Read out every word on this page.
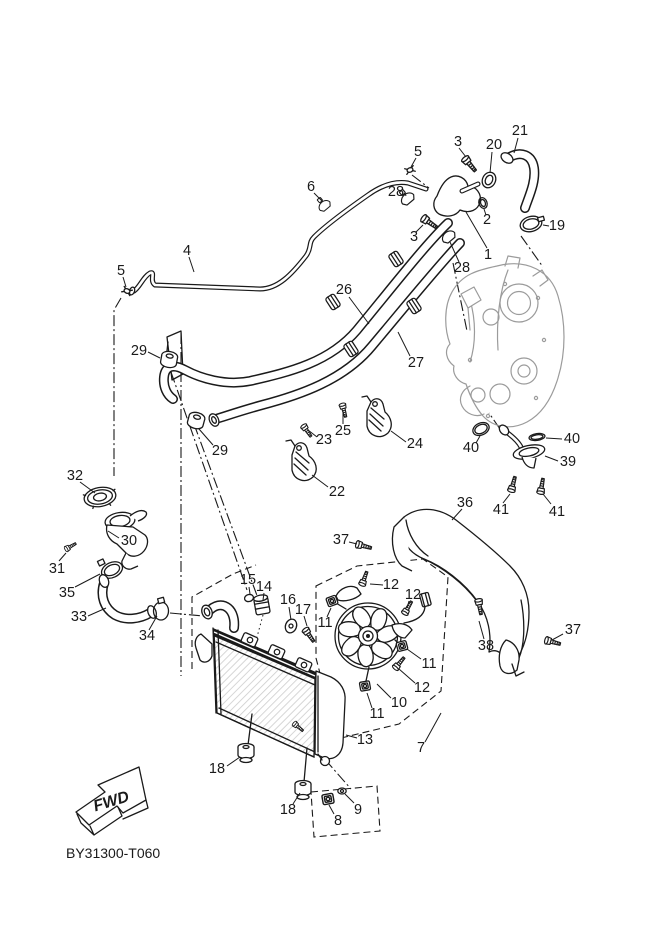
FWD
BY31300-T060
5
3 20
21
6	28
2	19
3
1
28
4
5
26
29
27
25
23	24
29
22
40
40
39
36 41	41
37
32
30
31
35
33
34
15 14
16
17
12
12
11
11
12
10
11
38
37
13	7
18
18	9
8
